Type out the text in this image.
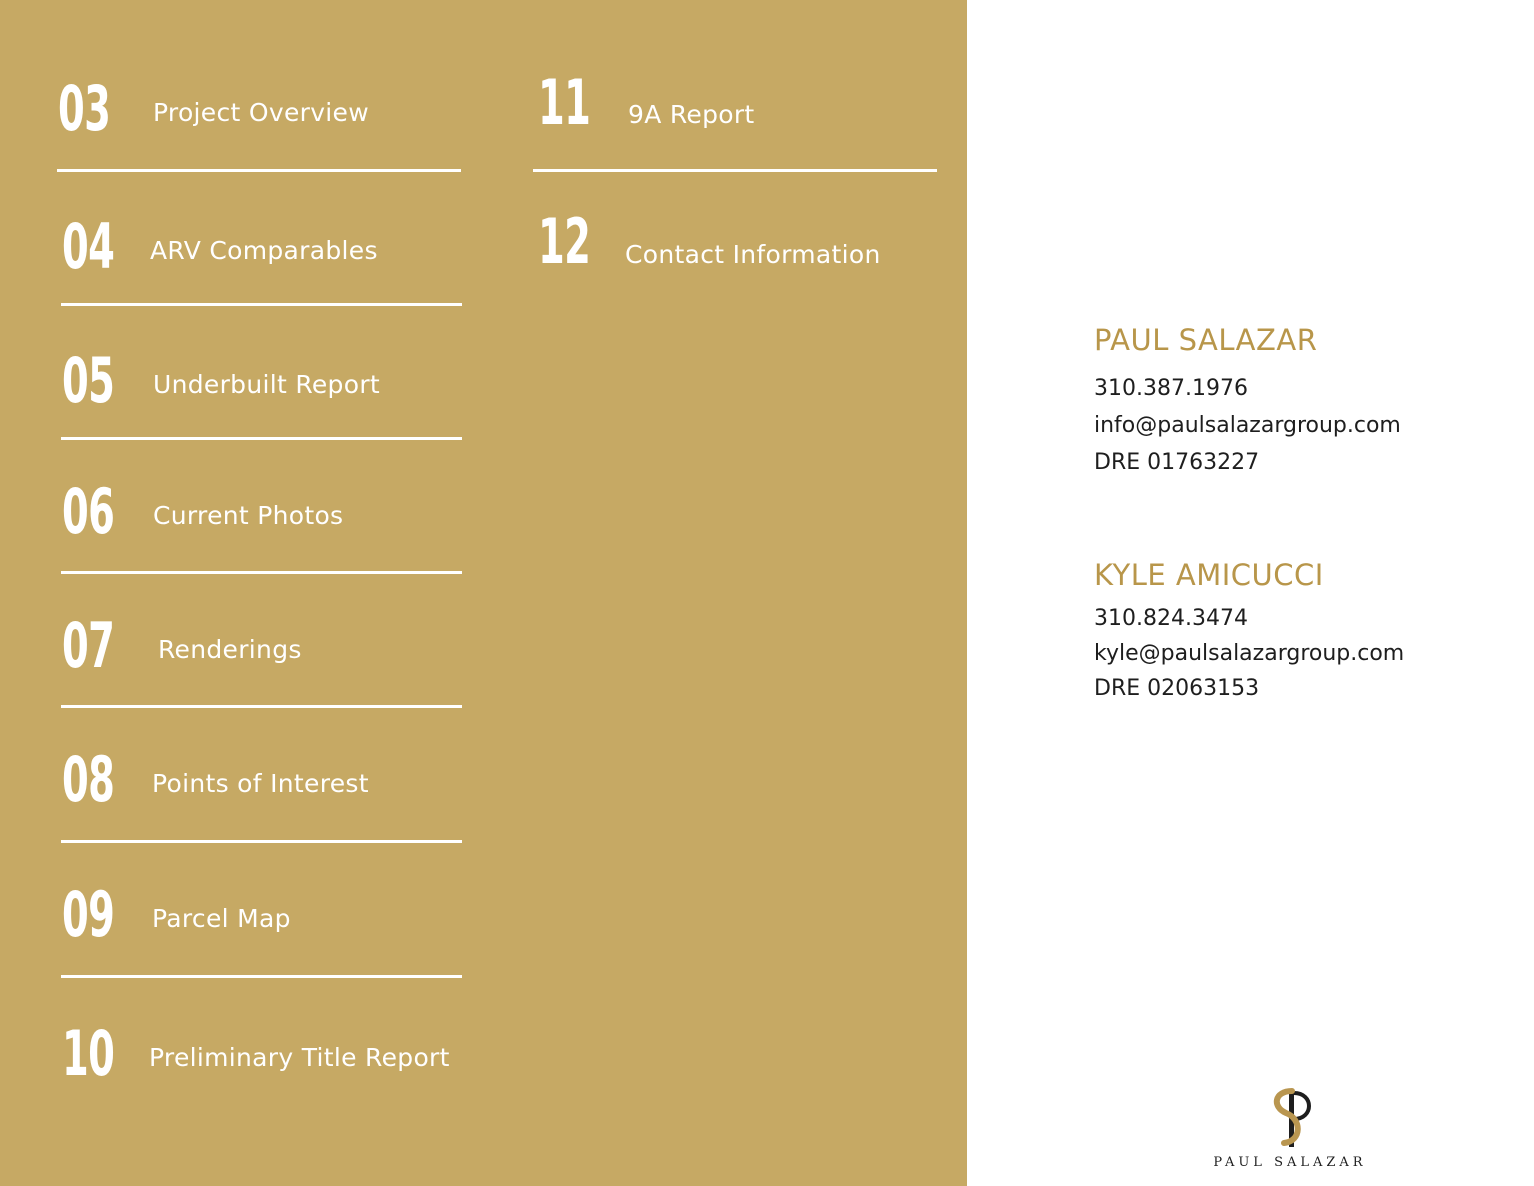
03 Project Overview
04 ARV Comparables
05 Underbuilt Report
06 Current Photos
07 Renderings
08 Points of Interest
09 Parcel Map
10 Preliminary Title Report
11 9A Report
12 Contact Information
PAUL SALAZAR
310.387.1976
info@paulsalazargroup.com
DRE 01763227
KYLE AMICUCCI
310.824.3474
kyle@paulsalazargroup.com
DRE 02063153
PAUL SALAZAR
